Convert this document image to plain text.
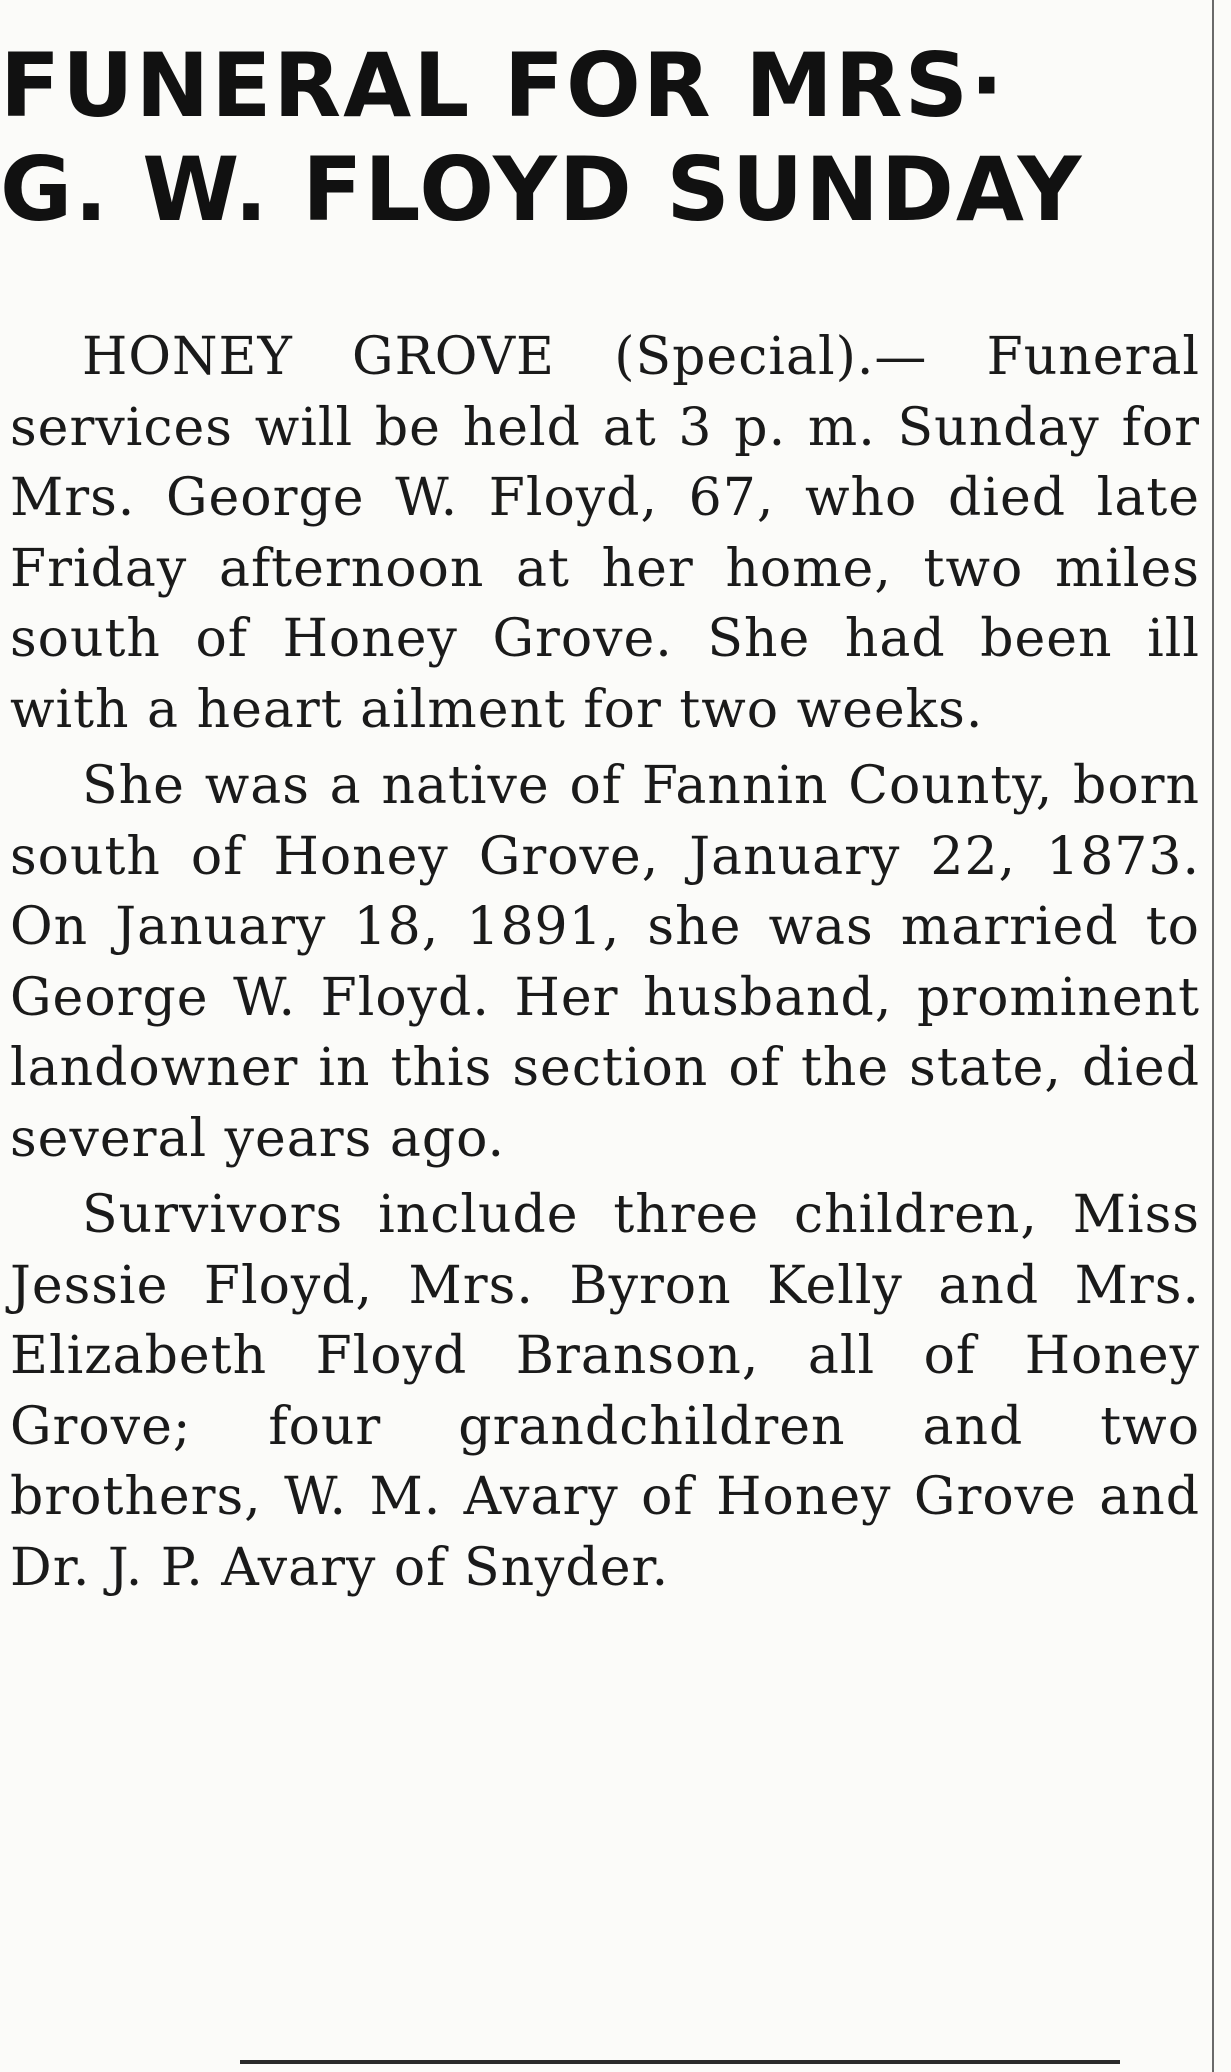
FUNERAL FOR MRS·
G. W. FLOYD SUNDAY

HONEY GROVE (Special).— Funeral services will be held at 3 p. m. Sunday for Mrs. George W. Floyd, 67, who died late Friday afternoon at her home, two miles south of Honey Grove. She had been ill with a heart ailment for two weeks.

She was a native of Fannin County, born south of Honey Grove, January 22, 1873. On January 18, 1891, she was married to George W. Floyd. Her husband, prominent landowner in this section of the state, died several years ago.

Survivors include three children, Miss Jessie Floyd, Mrs. Byron Kelly and Mrs. Elizabeth Floyd Branson, all of Honey Grove; four grandchildren and two brothers, W. M. Avary of Honey Grove and Dr. J. P. Avary of Snyder.
